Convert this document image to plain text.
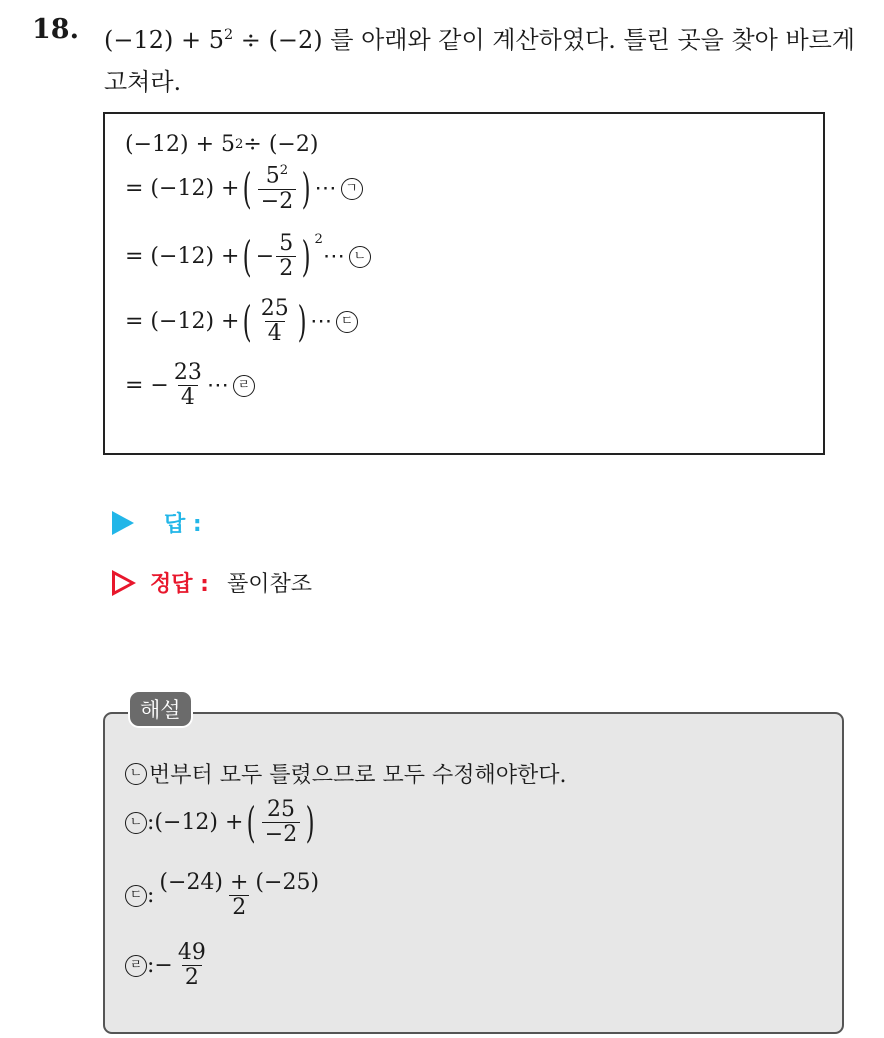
18. $(-12) + 5^2 \div (-2)$ 를 아래와 같이 계산하였다. 틀린 곳을 찾아 바르게
고쳐라.
(−12) + 5 2 ÷ (−2)
= (−12) + ( $\frac{5^2}{-2}$ ) ⋯ ㄱ
= (−12) + ( − $\frac{5}{2}$ ) $^2$
⋯ ㄴ
= (−12) + ( $\frac{25}{4}$ ) ⋯ ㄷ
= − $\frac{23}{4}$ ⋯ ㄹ
답 :
정답 : 풀이참조
ㄴ 번부터 모두 틀렸으므로 모두 수정해야한다.
ㄴ : (−12) + ( $\frac{25}{-2}$ )
ㄷ : $\frac{(-24) + (-25)}{2}$
ㄹ : − $\frac{49}{2}$
해설
